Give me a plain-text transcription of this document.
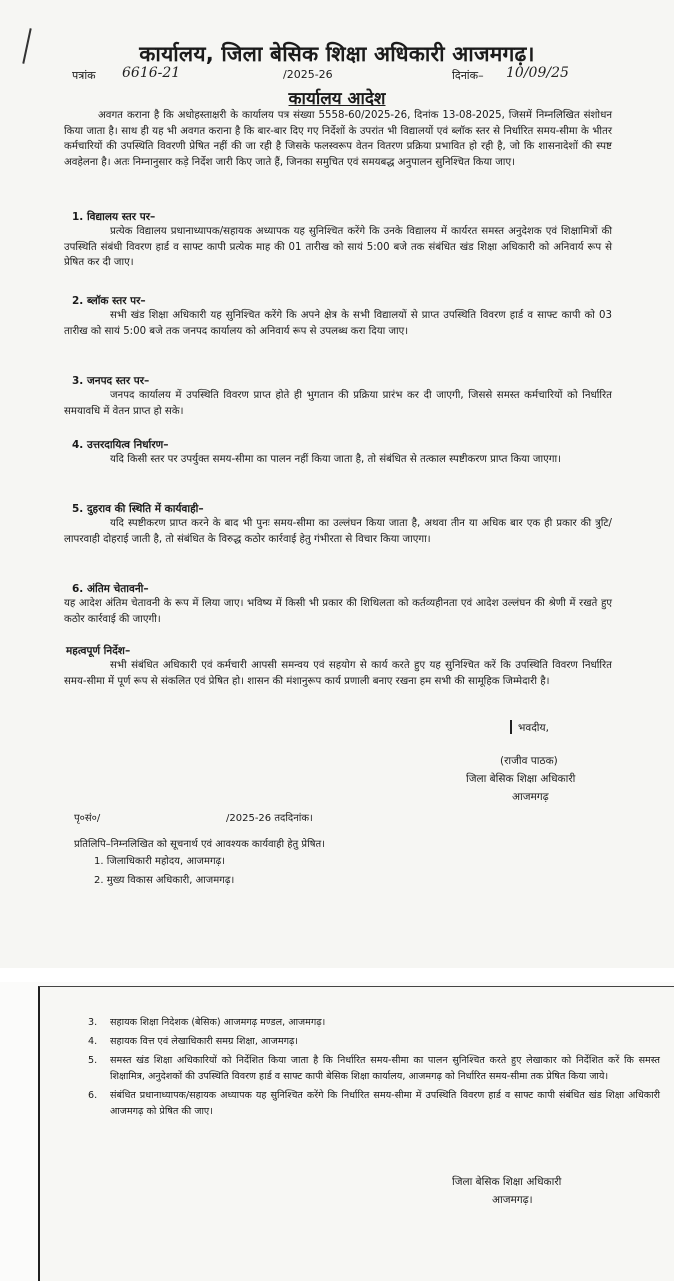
कार्यालय, जिला बेसिक शिक्षा अधिकारी आजमगढ़।
पत्रांक 6616-21	/2025-26	दिनांक– 10/09/25
कार्यालय आदेश
अवगत कराना है कि अधोहस्ताक्षरी के कार्यालय पत्र संख्या 5558-60/2025-26, दिनांक 13-08-2025, जिसमें निम्नलिखित संशोधन किया जाता है। साथ ही यह भी अवगत कराना है कि बार-बार दिए गए निर्देशों के उपरांत भी विद्यालयों एवं ब्लॉक स्तर से निर्धारित समय-सीमा के भीतर कर्मचारियों की उपस्थिति विवरणी प्रेषित नहीं की जा रही है जिसके फलस्वरूप वेतन वितरण प्रक्रिया प्रभावित हो रही है, जो कि शासनादेशों की स्पष्ट अवहेलना है। अतः निम्नानुसार कड़े निर्देश जारी किए जाते हैं, जिनका समुचित एवं समयबद्ध अनुपालन सुनिश्चित किया जाए।
1. विद्यालय स्तर पर–
प्रत्येक विद्यालय प्रधानाध्यापक/सहायक अध्यापक यह सुनिश्चित करेंगे कि उनके विद्यालय में कार्यरत समस्त अनुदेशक एवं शिक्षामित्रों की उपस्थिति संबंधी विवरण हार्ड व साफ्ट कापी प्रत्येक माह की 01 तारीख को सायं 5:00 बजे तक संबंधित खंड शिक्षा अधिकारी को अनिवार्य रूप से प्रेषित कर दी जाए।
2. ब्लॉक स्तर पर–
सभी खंड शिक्षा अधिकारी यह सुनिश्चित करेंगे कि अपने क्षेत्र के सभी विद्यालयों से प्राप्त उपस्थिति विवरण हार्ड व साफ्ट कापी को 03 तारीख को सायं 5:00 बजे तक जनपद कार्यालय को अनिवार्य रूप से उपलब्ध करा दिया जाए।
3. जनपद स्तर पर–
जनपद कार्यालय में उपस्थिति विवरण प्राप्त होते ही भुगतान की प्रक्रिया प्रारंभ कर दी जाएगी, जिससे समस्त कर्मचारियों को निर्धारित समयावधि में वेतन प्राप्त हो सके।
4. उत्तरदायित्व निर्धारण–
यदि किसी स्तर पर उपर्युक्त समय-सीमा का पालन नहीं किया जाता है, तो संबंधित से तत्काल स्पष्टीकरण प्राप्त किया जाएगा।
5. दुहराव की स्थिति में कार्यवाही–
यदि स्पष्टीकरण प्राप्त करने के बाद भी पुनः समय-सीमा का उल्लंघन किया जाता है, अथवा तीन या अधिक बार एक ही प्रकार की त्रुटि/लापरवाही दोहराई जाती है, तो संबंधित के विरुद्ध कठोर कार्रवाई हेतु गंभीरता से विचार किया जाएगा।
6. अंतिम चेतावनी–
यह आदेश अंतिम चेतावनी के रूप में लिया जाए। भविष्य में किसी भी प्रकार की शिथिलता को कर्तव्यहीनता एवं आदेश उल्लंघन की श्रेणी में रखते हुए कठोर कार्रवाई की जाएगी।
महत्वपूर्ण निर्देश–
सभी संबंधित अधिकारी एवं कर्मचारी आपसी समन्वय एवं सहयोग से कार्य करते हुए यह सुनिश्चित करें कि उपस्थिति विवरण निर्धारित समय-सीमा में पूर्ण रूप से संकलित एवं प्रेषित हो। शासन की मंशानुरूप कार्य प्रणाली बनाए रखना हम सभी की सामूहिक जिम्मेदारी है।
भवदीय,
(राजीव पाठक)
जिला बेसिक शिक्षा अधिकारी
आजमगढ़
पृ०सं०/	/2025-26 तददिनांक।
प्रतिलिपि–निम्नलिखित को सूचनार्थ एवं आवश्यक कार्यवाही हेतु प्रेषित।
1. जिलाधिकारी महोदय, आजमगढ़।
2. मुख्य विकास अधिकारी, आजमगढ़।
3. सहायक शिक्षा निदेशक (बेसिक) आजमगढ़ मण्डल, आजमगढ़।
4. सहायक वित्त एवं लेखाधिकारी समग्र शिक्षा, आजमगढ़।
5. समस्त खंड शिक्षा अधिकारियों को निर्देशित किया जाता है कि निर्धारित समय-सीमा का पालन सुनिश्चित करते हुए लेखाकार को निर्देशित करें कि समस्त शिक्षामित्र, अनुदेशकों की उपस्थिति विवरण हार्ड व साफ्ट कापी बेसिक शिक्षा कार्यालय, आजमगढ़ को निर्धारित समय-सीमा तक प्रेषित किया जाये।
6. संबंधित प्रधानाध्यापक/सहायक अध्यापक यह सुनिश्चित करेंगे कि निर्धारित समय-सीमा में उपस्थिति विवरण हार्ड व साफ्ट कापी संबंधित खंड शिक्षा अधिकारी आजमगढ़ को प्रेषित की जाए।
जिला बेसिक शिक्षा अधिकारी
आजमगढ़।
